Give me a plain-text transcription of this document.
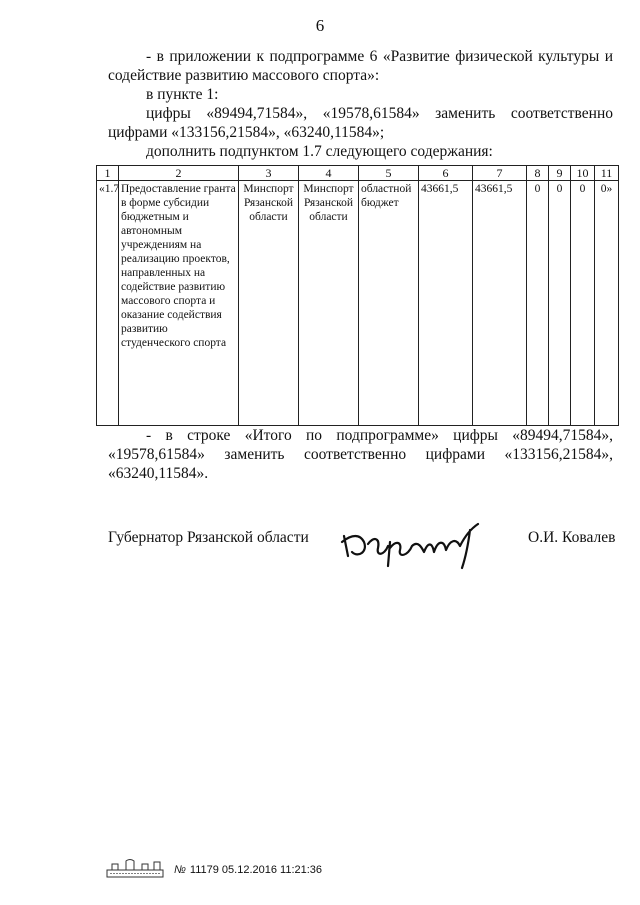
6

- в приложении к подпрограмме 6 «Развитие физической культуры и содействие развитию массового спорта»:

в пункте 1:

цифры «89494,71584», «19578,61584» заменить соответственно

цифрами «133156,21584», «63240,11584»;

дополнить подпунктом 1.7 следующего содержания:

1	2	3	4	5	6	7	8	9	10	11
«1.7	Предоставление гранта в форме субсидии бюджетным и автономным учреждениям на реализацию проектов, направленных на содействие развитию массового спорта и оказание содействия развитию студенческого спорта	Минспорт Рязанской области	Минспорт Рязанской области	областной бюджет	43661,5	43661,5	0	0	0	0»

- в строке «Итого по подпрограмме» цифры «89494,71584», «19578,61584» заменить соответственно цифрами «133156,21584», «63240,11584».

Губернатор Рязанской области	О.И. Ковалев
№ 11179 05.12.2016 11:21:36
